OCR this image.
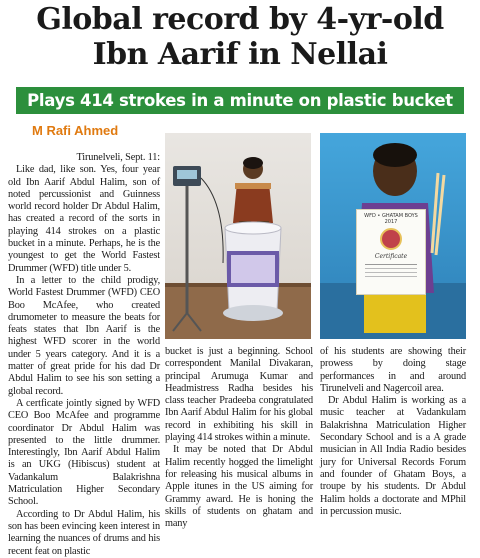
Global record by 4-yr-old
Ibn Aarif in Nellai
Plays 414 strokes in a minute on plastic bucket
M Rafi Ahmed

Tirunelveli, Sept. 11:

Like dad, like son. Yes, four year old Ibn Aarif Abdul Halim, son of noted percussionist and Guinness world record holder Dr Abdul Halim, has created a record of the sorts in playing 414 strokes on a plastic bucket in a minute. Perhaps, he is the youngest to get the World Fastest Drummer (WFD) title under 5.

In a letter to the child prodigy, World Fastest Drummer (WFD) CEO Boo McAfee, who created drumometer to measure the beats for feats states that Ibn Aarif is the highest WFD scorer in the world under 5 years category. And it is a matter of great pride for his dad Dr Abdul Halim to see his son setting a global record.

A certficate jointly signed by WFD CEO Boo McAfee and programme coordinator Dr Abdul Halim was presented to the little drummer. Interestingly, Ibn Aarif Abdul Halim is an UKG (Hibiscus) student at Vadankalum Balakrishna Matriculation Higher Secondary School.

According to Dr Abdul Halim, his son has been evincing keen interest in learning the nuances of drums and his recent feat on plastic

WFD • GHATAM BOYS
2017
Certificate

bucket is just a beginning. School correspondent Manilal Divakaran, principal Arumuga Kumar and Headmistress Radha besides his class teacher Pradeeba congratulated Ibn Aarif Abdul Halim for his global record in exhibiting his skill in playing 414 strokes within a minute.

It may be noted that Dr Abdul Halim recently hogged the limelight for releasing his musical albums in Apple itunes in the US aiming for Grammy award. He is honing the skills of students on ghatam and many

of his students are showing their prowess by doing stage performances in and around Tirunelveli and Nagercoil area.

Dr Abdul Halim is working as a music teacher at Vadankulam Balakrishna Matriculation Higher Secondary School and is a A grade musician in All India Radio besides jury for Universal Records Forum and founder of Ghatam Boys, a troupe by his students. Dr Abdul Halim holds a doctorate and MPhil in percussion music.
